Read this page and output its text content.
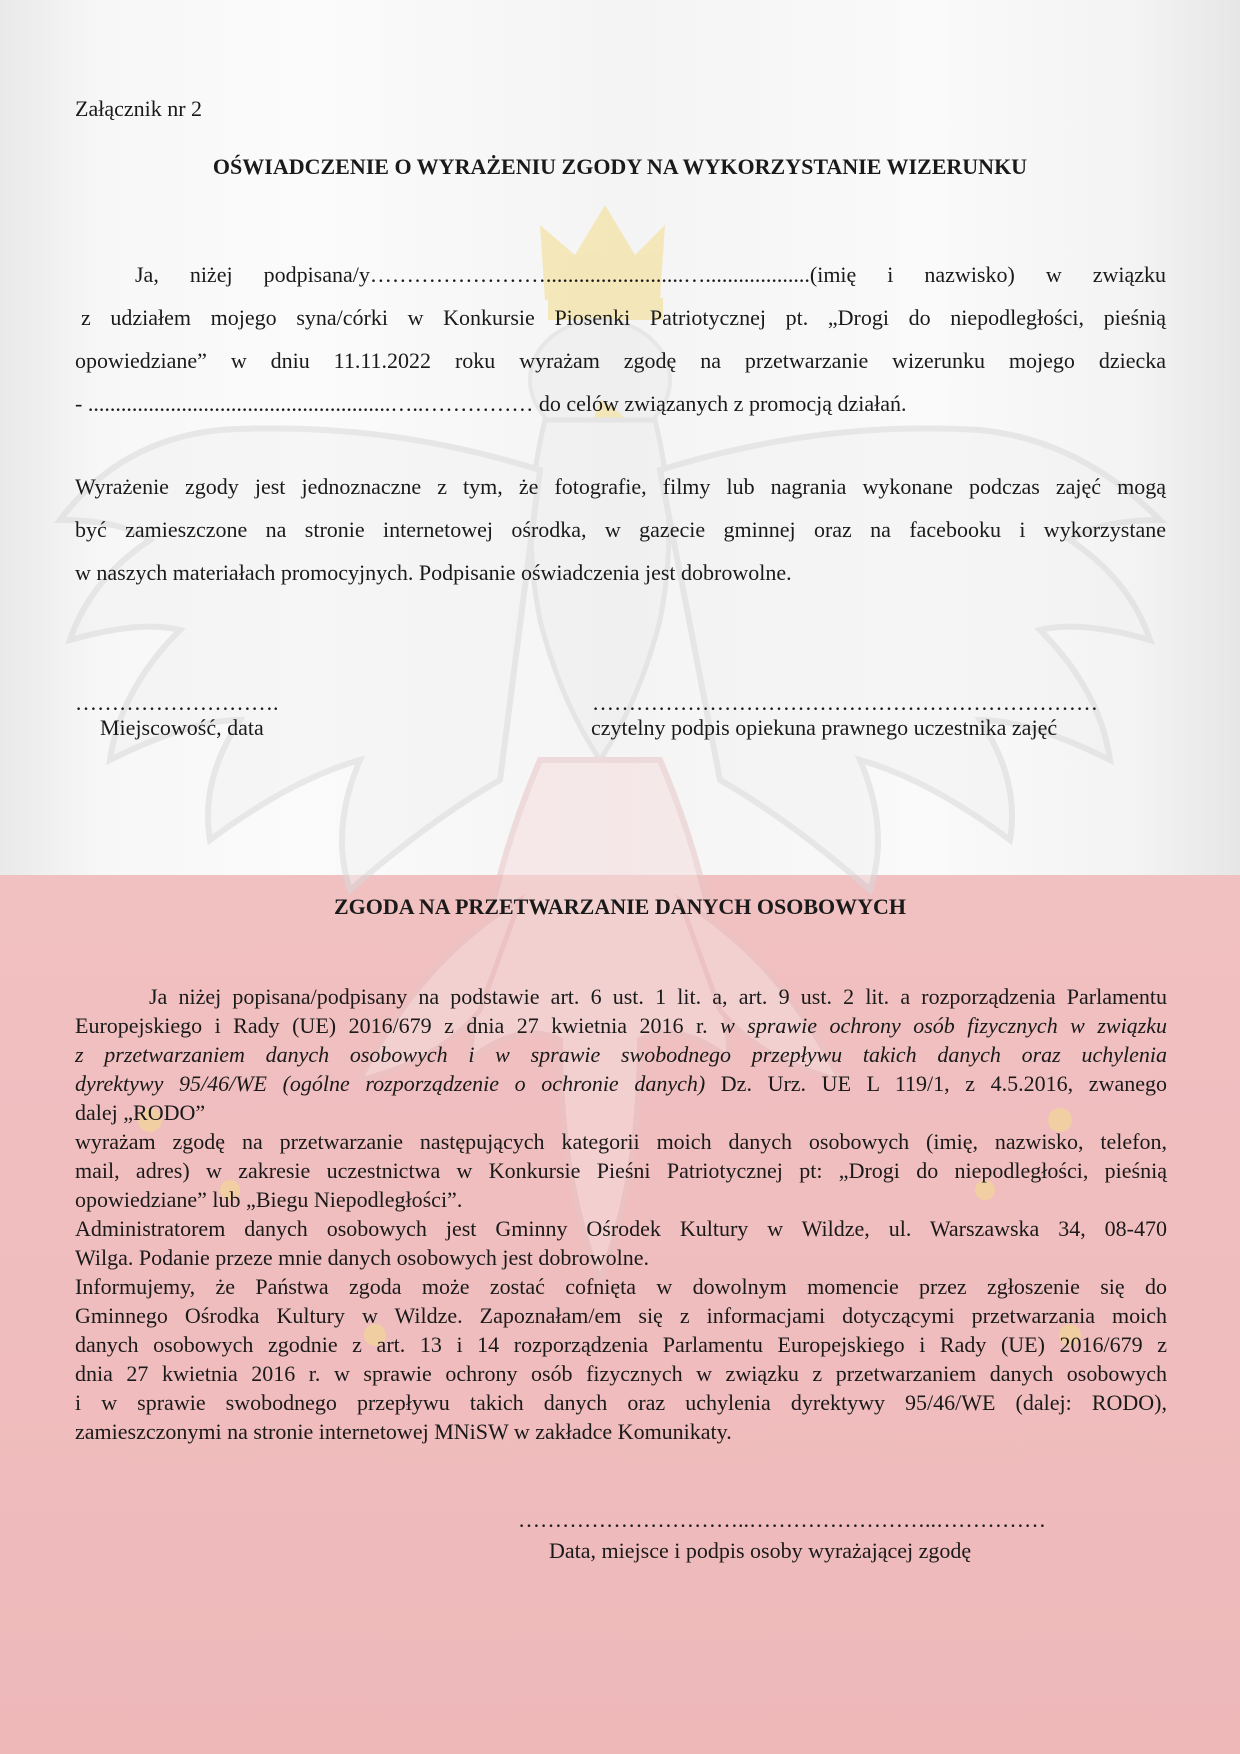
Załącznik nr 2
OŚWIADCZENIE O WYRAŻENIU ZGODY NA WYKORZYSTANIE WIZERUNKU
Ja, niżej podpisana/y…………………….........................…...................(imię i nazwisko) w związku
z udziałem mojego syna/córki w Konkursie Piosenki Patriotycznej pt. „Drogi do niepodległości, pieśnią
opowiedziane” w dniu 11.11.2022 roku wyrażam zgodę na przetwarzanie wizerunku mojego dziecka
- .......................................................…..…………… do celów związanych z promocją działań.
Wyrażenie zgody jest jednoznaczne z tym, że fotografie, filmy lub nagrania wykonane podczas zajęć mogą
być zamieszczone na stronie internetowej ośrodka, w gazecie gminnej oraz na facebooku i wykorzystane
w naszych materiałach promocyjnych. Podpisanie oświadczenia jest dobrowolne.
……………………….
Miejscowość, data
……………………………………………………………
czytelny podpis opiekuna prawnego uczestnika zajęć
ZGODA NA PRZETWARZANIE DANYCH OSOBOWYCH
Ja niżej popisana/podpisany na podstawie art. 6 ust. 1 lit. a, art. 9 ust. 2 lit. a rozporządzenia Parlamentu
Europejskiego i Rady (UE) 2016/679 z dnia 27 kwietnia 2016 r. w sprawie ochrony osób fizycznych w związku
z przetwarzaniem danych osobowych i w sprawie swobodnego przepływu takich danych oraz uchylenia
dyrektywy 95/46/WE (ogólne rozporządzenie o ochronie danych) Dz. Urz. UE L 119/1, z 4.5.2016, zwanego
dalej „RODO”
wyrażam zgodę na przetwarzanie następujących kategorii moich danych osobowych (imię, nazwisko, telefon,
mail, adres) w zakresie uczestnictwa w Konkursie Pieśni Patriotycznej pt: „Drogi do niepodległości, pieśnią
opowiedziane” lub „Biegu Niepodległości”.
Administratorem danych osobowych jest Gminny Ośrodek Kultury w Wildze, ul. Warszawska 34, 08-470
Wilga. Podanie przeze mnie danych osobowych jest dobrowolne.
Informujemy, że Państwa zgoda może zostać cofnięta w dowolnym momencie przez zgłoszenie się do
Gminnego Ośrodka Kultury w Wildze. Zapoznałam/em się z informacjami dotyczącymi przetwarzania moich
danych osobowych zgodnie z art. 13 i 14 rozporządzenia Parlamentu Europejskiego i Rady (UE) 2016/679 z
dnia 27 kwietnia 2016 r. w sprawie ochrony osób fizycznych w związku z przetwarzaniem danych osobowych
i w sprawie swobodnego przepływu takich danych oraz uchylenia dyrektywy 95/46/WE (dalej: RODO),
zamieszczonymi na stronie internetowej MNiSW w zakładce Komunikaty.
…………………………..……………………..……………
Data, miejsce i podpis osoby wyrażającej zgodę
